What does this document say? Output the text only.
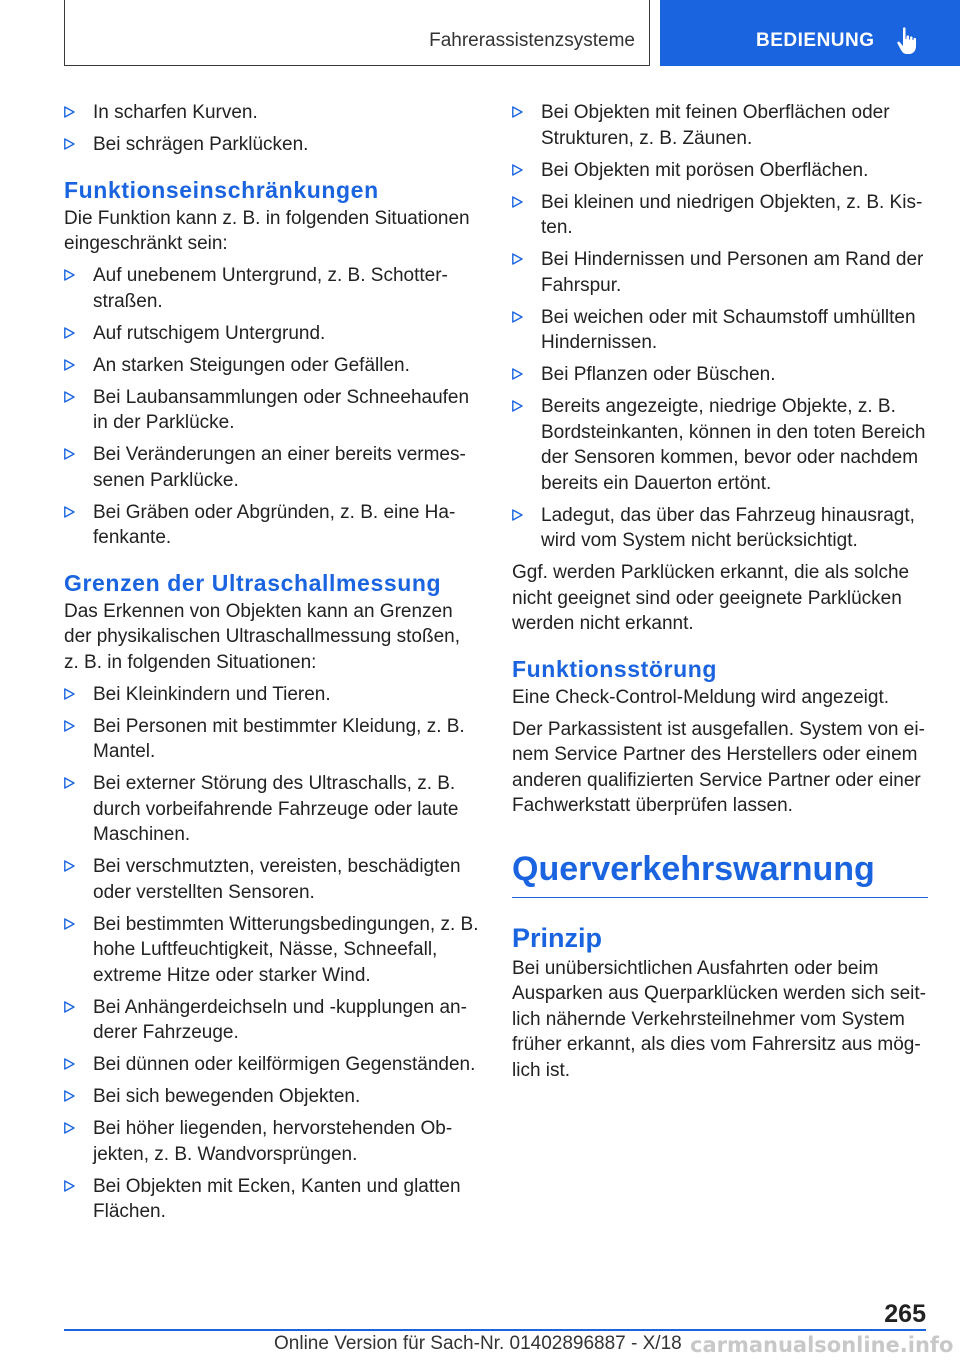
Fahrerassistenzsysteme	BEDIENUNG
In scharfen Kurven.
Bei schrägen Parklücken.
Funktionseinschränkungen
Die Funktion kann z. B. in folgenden Situationen eingeschränkt sein:
Auf unebenem Untergrund, z. B. Schotterstraßen.
Auf rutschigem Untergrund.
An starken Steigungen oder Gefällen.
Bei Laubansammlungen oder Schneehaufen in der Parklücke.
Bei Veränderungen an einer bereits vermessenen Parklücke.
Bei Gräben oder Abgründen, z. B. eine Hafenkante.
Grenzen der Ultraschallmessung
Das Erkennen von Objekten kann an Grenzen der physikalischen Ultraschallmessung stoßen, z. B. in folgenden Situationen:
Bei Kleinkindern und Tieren.
Bei Personen mit bestimmter Kleidung, z. B. Mantel.
Bei externer Störung des Ultraschalls, z. B. durch vorbeifahrende Fahrzeuge oder laute Maschinen.
Bei verschmutzten, vereisten, beschädigten oder verstellten Sensoren.
Bei bestimmten Witterungsbedingungen, z. B. hohe Luftfeuchtigkeit, Nässe, Schneefall, extreme Hitze oder starker Wind.
Bei Anhängerdeichseln und -kupplungen anderer Fahrzeuge.
Bei dünnen oder keilförmigen Gegenständen.
Bei sich bewegenden Objekten.
Bei höher liegenden, hervorstehenden Objekten, z. B. Wandvorsprüngen.
Bei Objekten mit Ecken, Kanten und glatten Flächen.
Bei Objekten mit feinen Oberflächen oder Strukturen, z. B. Zäunen.
Bei Objekten mit porösen Oberflächen.
Bei kleinen und niedrigen Objekten, z. B. Kisten.
Bei Hindernissen und Personen am Rand der Fahrspur.
Bei weichen oder mit Schaumstoff umhüllten Hindernissen.
Bei Pflanzen oder Büschen.
Bereits angezeigte, niedrige Objekte, z. B. Bordsteinkanten, können in den toten Bereich der Sensoren kommen, bevor oder nachdem bereits ein Dauerton ertönt.
Ladegut, das über das Fahrzeug hinausragt, wird vom System nicht berücksichtigt.
Ggf. werden Parklücken erkannt, die als solche nicht geeignet sind oder geeignete Parklücken werden nicht erkannt.
Funktionsstörung
Eine Check-Control-Meldung wird angezeigt.
Der Parkassistent ist ausgefallen. System von einem Service Partner des Herstellers oder einem anderen qualifizierten Service Partner oder einer Fachwerkstatt überprüfen lassen.
Querverkehrswarnung
Prinzip
Bei unübersichtlichen Ausfahrten oder beim Ausparken aus Querparklücken werden sich seitlich nähernde Verkehrsteilnehmer vom System früher erkannt, als dies vom Fahrersitz aus möglich ist.
265
Online Version für Sach-Nr. 01402896887 - X/18 carmanualsonline.info
